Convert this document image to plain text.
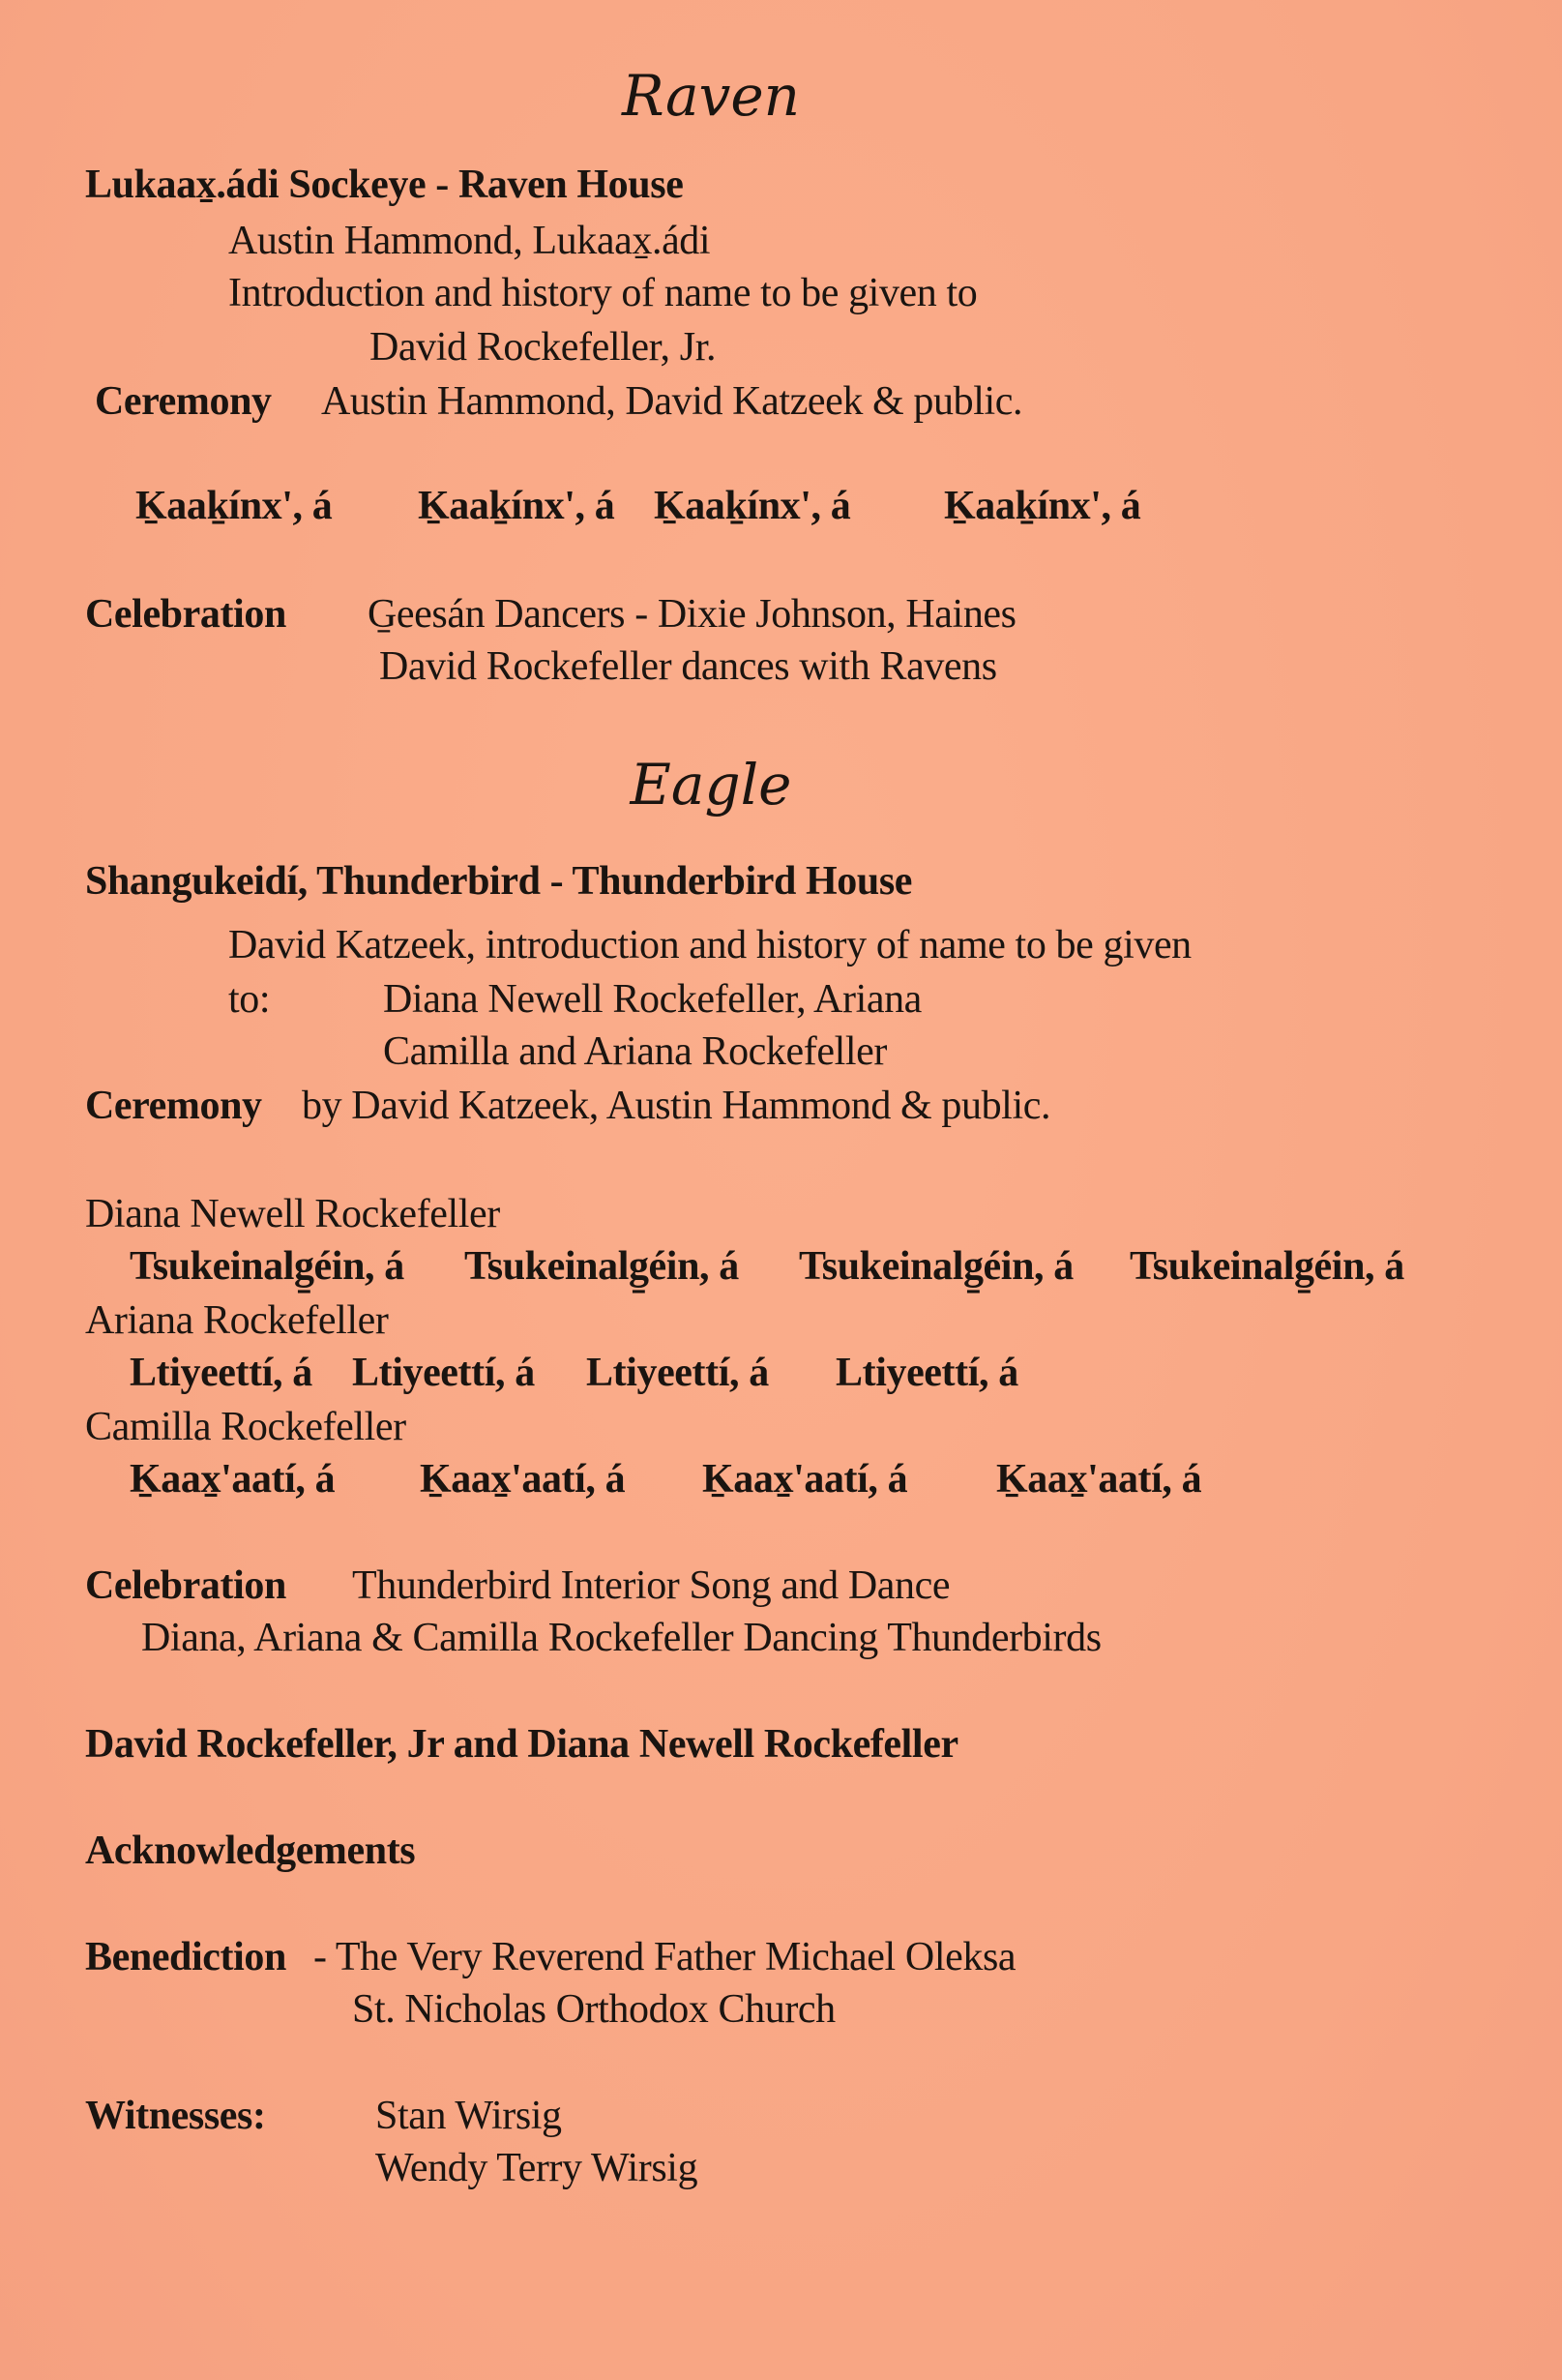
Raven
Lukaax̱.ádi Sockeye - Raven House
Austin Hammond, Lukaax̱.ádi
Introduction and history of name to be given to
David Rockefeller, Jr.
Ceremony Austin Hammond, David Katzeek & public.
Ḵaaḵínx', á Ḵaaḵínx', á Ḵaaḵínx', á Ḵaaḵínx', á
Celebration G̱eesán Dancers - Dixie Johnson, Haines
David Rockefeller dances with Ravens
Eagle
Shangukeidí, Thunderbird - Thunderbird House
David Katzeek, introduction and history of name to be given
to:	Diana Newell Rockefeller, Ariana
Camilla and Ariana Rockefeller
Ceremony by David Katzeek, Austin Hammond & public.
Diana Newell Rockefeller
Tsukeinalg̱éin, á Tsukeinalg̱éin, á Tsukeinalg̱éin, á Tsukeinalg̱éin, á
Ariana Rockefeller
Ltiyeettí, á Ltiyeettí, á Ltiyeettí, á Ltiyeettí, á
Camilla Rockefeller
Ḵaax̱'aatí, á Ḵaax̱'aatí, á Ḵaax̱'aatí, á Ḵaax̱'aatí, á
Celebration Thunderbird Interior Song and Dance
Diana, Ariana & Camilla Rockefeller Dancing Thunderbirds
David Rockefeller, Jr and Diana Newell Rockefeller
Acknowledgements
Benediction - The Very Reverend Father Michael Oleksa
St. Nicholas Orthodox Church
Witnesses:	Stan Wirsig
Wendy Terry Wirsig
